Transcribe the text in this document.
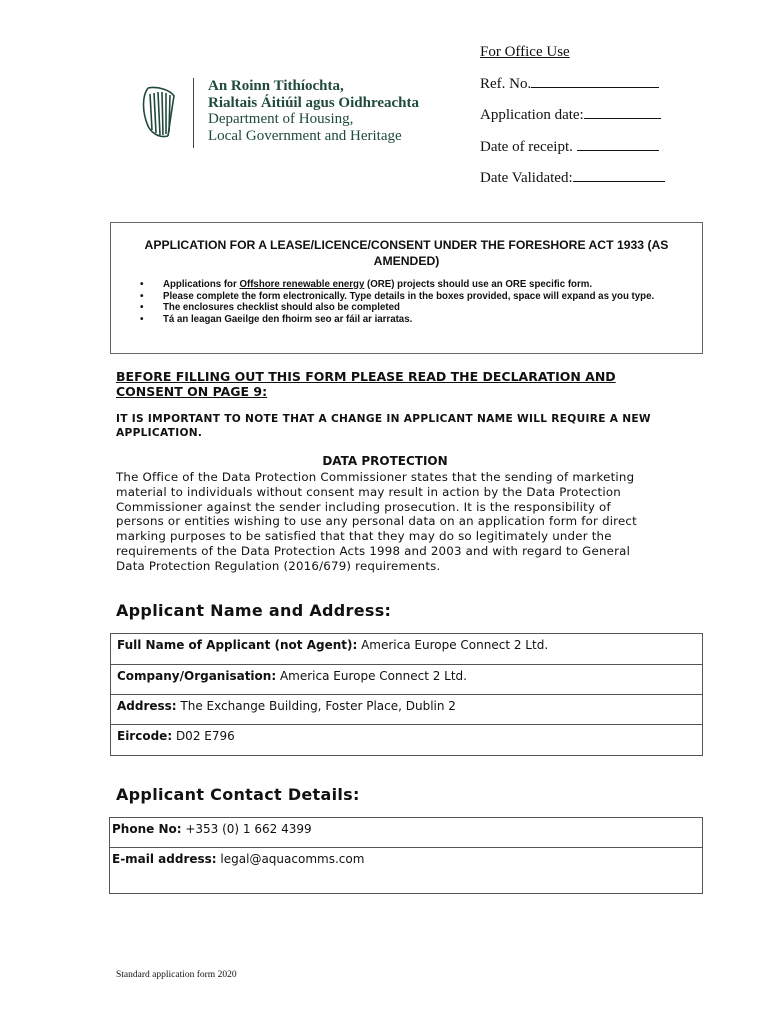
For Office Use
Ref. No.
Application date:
Date of receipt.
Date Validated:
An Roinn Tithíochta,
Rialtais Áitiúil agus Oidhreachta
Department of Housing,
Local Government and Heritage
APPLICATION FOR A LEASE/LICENCE/CONSENT UNDER THE FORESHORE ACT 1933 (AS AMENDED)
• Applications for Offshore renewable energy (ORE) projects should use an ORE specific form.
• Please complete the form electronically. Type details in the boxes provided, space will expand as you type.
• The enclosures checklist should also be completed
• Tá an leagan Gaeilge den fhoirm seo ar fáil ar iarratas.
BEFORE FILLING OUT THIS FORM PLEASE READ THE DECLARATION AND CONSENT ON PAGE 9:
IT IS IMPORTANT TO NOTE THAT A CHANGE IN APPLICANT NAME WILL REQUIRE A NEW APPLICATION.
DATA PROTECTION
The Office of the Data Protection Commissioner states that the sending of marketing material to individuals without consent may result in action by the Data Protection Commissioner against the sender including prosecution. It is the responsibility of persons or entities wishing to use any personal data on an application form for direct marking purposes to be satisfied that that they may do so legitimately under the requirements of the Data Protection Acts 1998 and 2003 and with regard to General Data Protection Regulation (2016/679) requirements.
Applicant Name and Address:
Full Name of Applicant (not Agent): America Europe Connect 2 Ltd.
Company/Organisation: America Europe Connect 2 Ltd.
Address: The Exchange Building, Foster Place, Dublin 2
Eircode: D02 E796
Applicant Contact Details:
Phone No: +353 (0) 1 662 4399
E-mail address: legal@aquacomms.com
Standard application form 2020
